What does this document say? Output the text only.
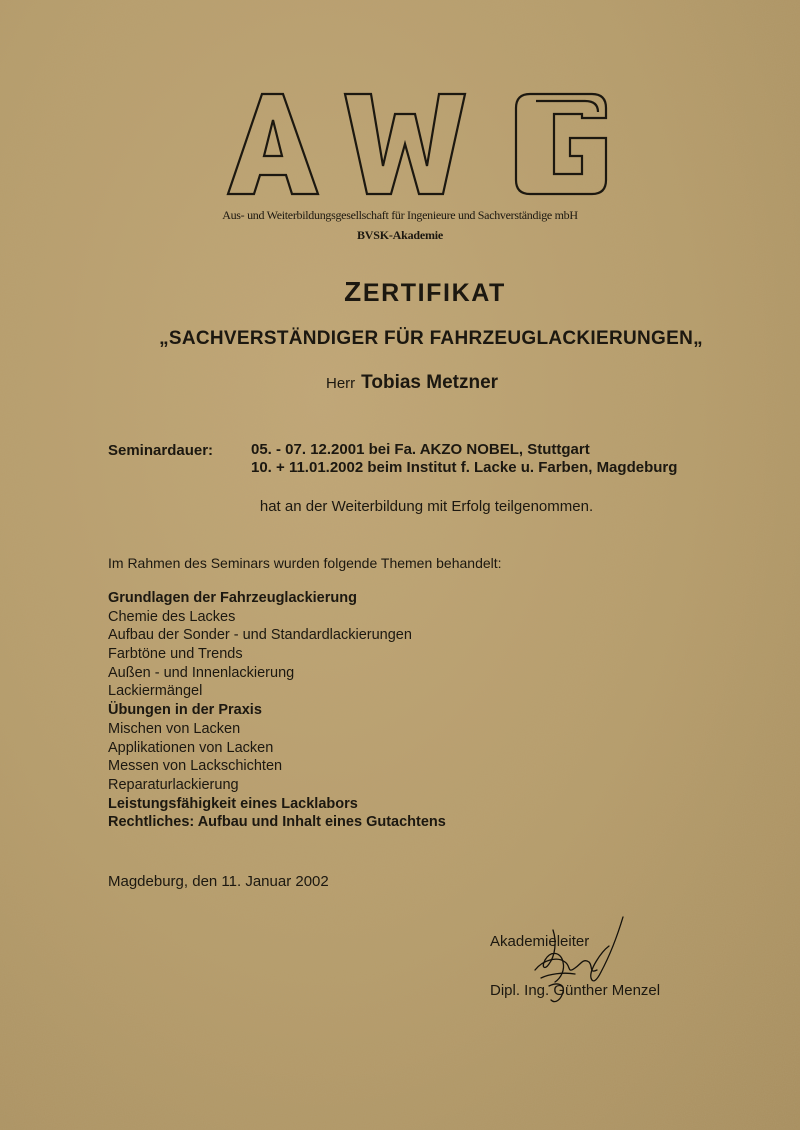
Aus- und Weiterbildungsgesellschaft für Ingenieure und Sachverständige mbH
BVSK-Akademie
ZERTIFIKAT
„SACHVERSTÄNDIGER FÜR FAHRZEUGLACKIERUNGEN„
Herr Tobias Metzner
Seminardauer:	05. - 07. 12.2001 bei Fa. AKZO NOBEL, Stuttgart
10. + 11.01.2002 beim Institut f. Lacke u. Farben, Magdeburg
hat an der Weiterbildung mit Erfolg teilgenommen.
Im Rahmen des Seminars wurden folgende Themen behandelt:
Grundlagen der Fahrzeuglackierung
Chemie des Lackes
Aufbau der Sonder - und Standardlackierungen
Farbtöne und Trends
Außen - und Innenlackierung
Lackiermängel
Übungen in der Praxis
Mischen von Lacken
Applikationen von Lacken
Messen von Lackschichten
Reparaturlackierung
Leistungsfähigkeit eines Lacklabors
Rechtliches: Aufbau und Inhalt eines Gutachtens
Magdeburg, den 11. Januar 2002
Akademieleiter
Dipl. Ing. Günther Menzel
